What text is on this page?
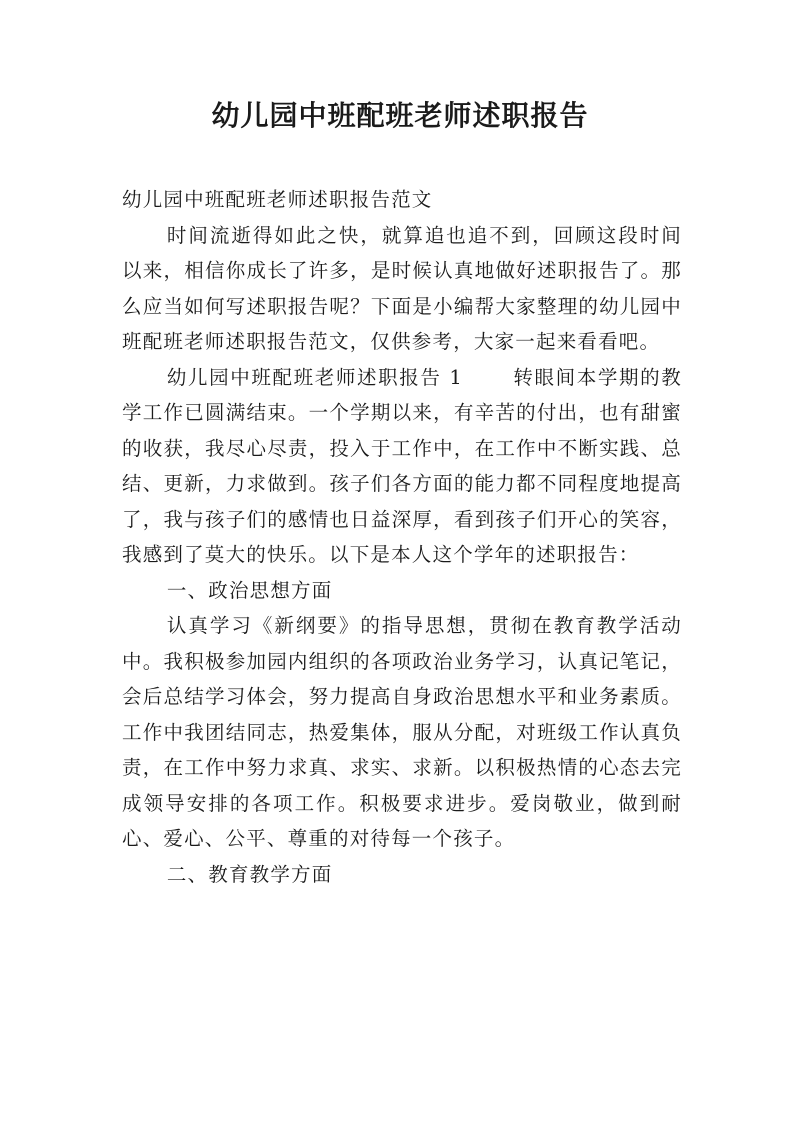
幼儿园中班配班老师述职报告

幼儿园中班配班老师述职报告范文

时间流逝得如此之快，就算追也追不到，回顾这段时间以来，相信你成长了许多，是时候认真地做好述职报告了。那么应当如何写述职报告呢？下面是小编帮大家整理的幼儿园中班配班老师述职报告范文，仅供参考，大家一起来看看吧。

幼儿园中班配班老师述职报告 1	转眼间本学期的教学工作已圆满结束。一个学期以来，有辛苦的付出，也有甜蜜的收获，我尽心尽责，投入于工作中，在工作中不断实践、总结、更新，力求做到。孩子们各方面的能力都不同程度地提高了，我与孩子们的感情也日益深厚，看到孩子们开心的笑容，我感到了莫大的快乐。以下是本人这个学年的述职报告：

一、政治思想方面

认真学习《新纲要》的指导思想，贯彻在教育教学活动中。我积极参加园内组织的各项政治业务学习，认真记笔记，会后总结学习体会，努力提高自身政治思想水平和业务素质。工作中我团结同志，热爱集体，服从分配，对班级工作认真负责，在工作中努力求真、求实、求新。以积极热情的心态去完成领导安排的各项工作。积极要求进步。爱岗敬业，做到耐心、爱心、公平、尊重的对待每一个孩子。

二、教育教学方面
